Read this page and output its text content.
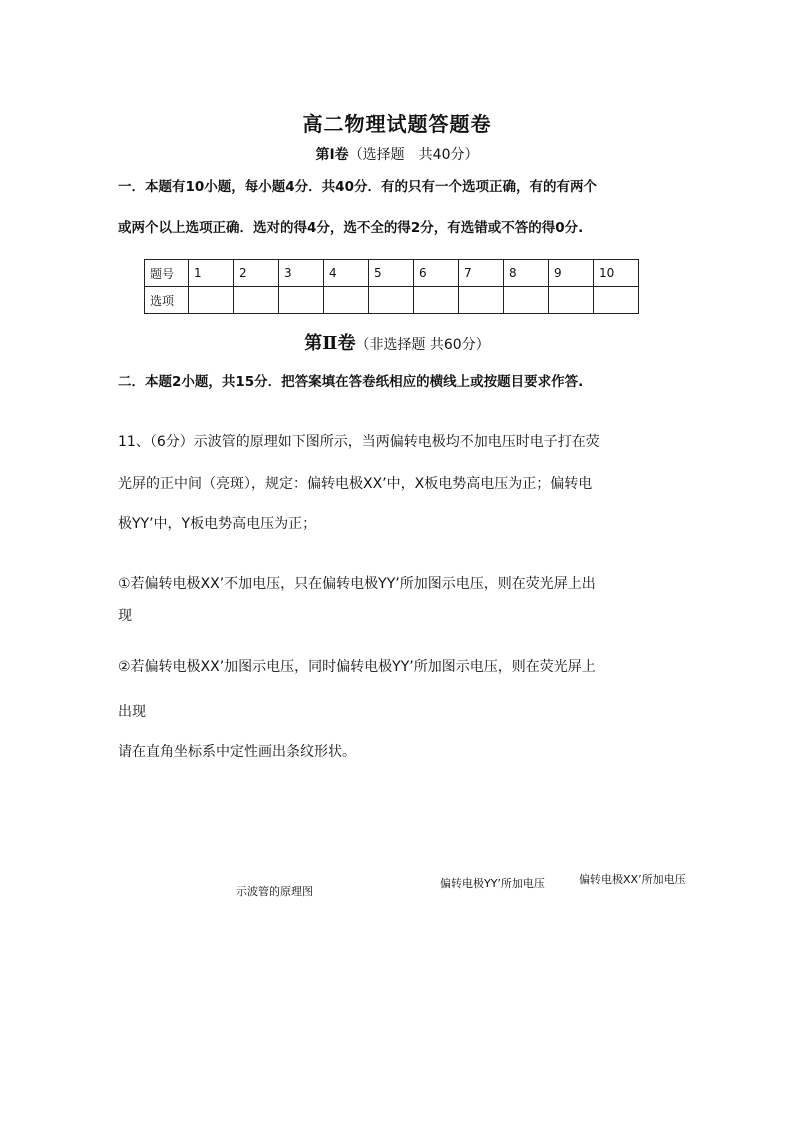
高二物理试题答题卷
第Ⅰ卷（选择题　共40分）
一．本题有10小题，每小题4分．共40分．有的只有一个选项正确，有的有两个
或两个以上选项正确．选对的得4分，选不全的得2分，有选错或不答的得0分.
题号	1	2	3	4	5	6	7	8	9	10
选项										
第Ⅱ卷（非选择题 共60分）
二．本题2小题，共15分．把答案填在答卷纸相应的横线上或按题目要求作答.
11、（6分）示波管的原理如下图所示，当两偏转电极均不加电压时电子打在荧
光屏的正中间（亮斑），规定：偏转电极XX’中，X板电势高电压为正；偏转电
极YY’中，Y板电势高电压为正；
①若偏转电极XX’不加电压，只在偏转电极YY’所加图示电压，则在荧光屏上出
现
②若偏转电极XX’加图示电压，同时偏转电极YY’所加图示电压，则在荧光屏上
出现
请在直角坐标系中定性画出条纹形状。
示波管的原理图
偏转电极YY’所加电压	偏转电极XX’所加电压
